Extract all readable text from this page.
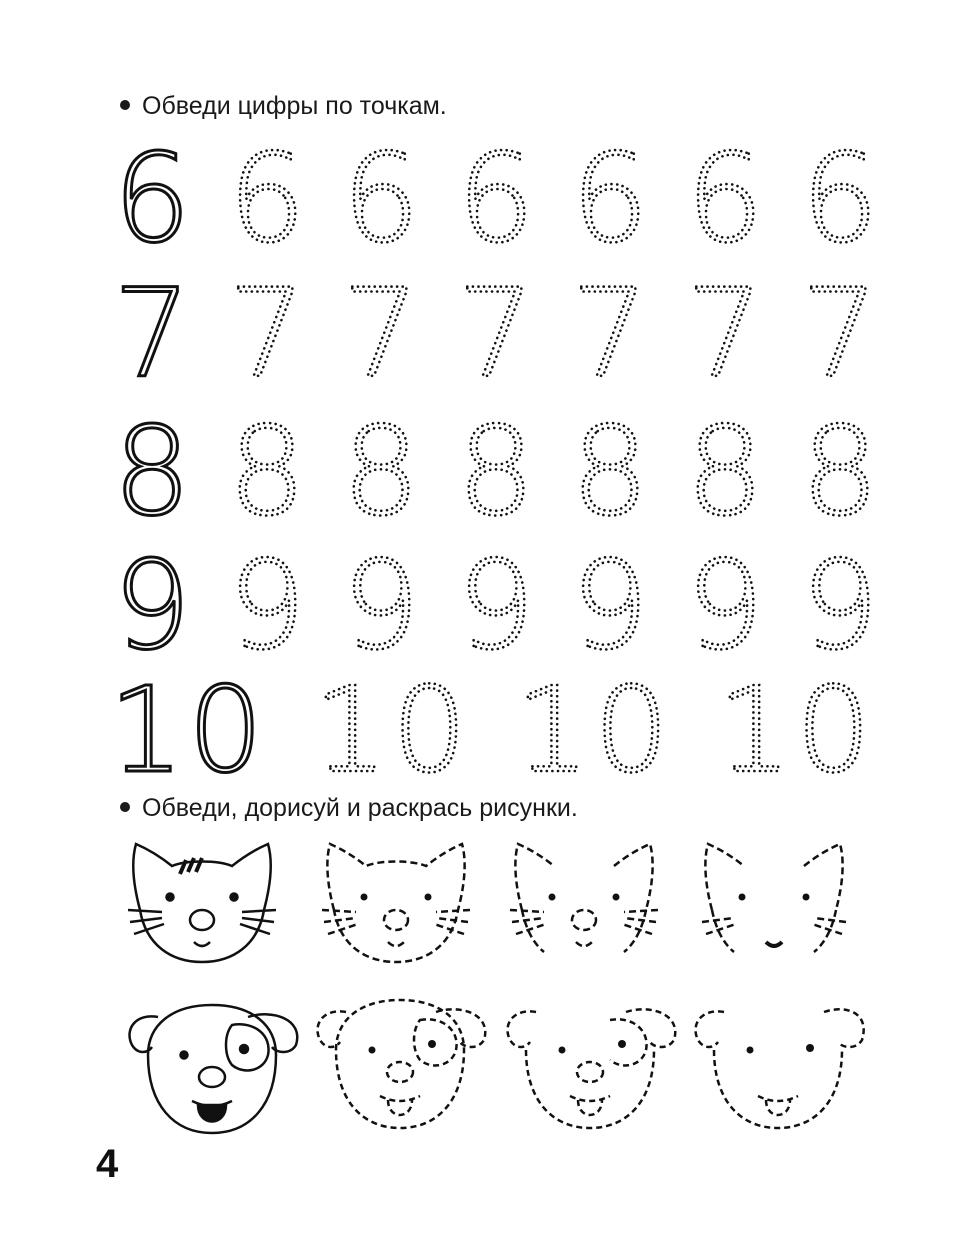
Обведи цифры по точкам.
6 6 6 6 6 6 6
7 7 7 7 7 7 7
8 8 8 8 8 8 8
9 9 9 9 9 9 9
10 10 10 10
Обведи, дорисуй и раскрась рисунки.
4
